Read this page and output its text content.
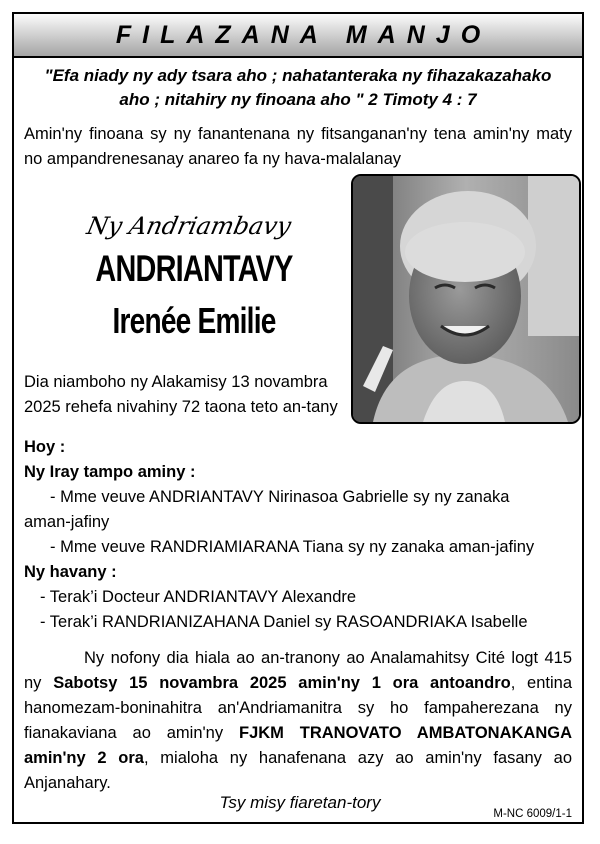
FILAZANA MANJO
"Efa niady ny ady tsara aho ; nahatanteraka ny fihazakazahako
aho ; nitahiry ny finoana aho " 2 Timoty 4 : 7
Amin'ny finoana sy ny fanantenana ny fitsanganan'ny tena amin'ny maty no ampandrenesanay anareo fa ny hava-malalanay
Ny Andriambavy
ANDRIANTAVY
Irenée Emilie
Dia niamboho ny Alakamisy 13 novambra
2025 rehefa nivahiny 72 taona teto an-tany
Hoy :
Ny Iray tampo aminy :
- Mme veuve ANDRIANTAVY Nirinasoa Gabrielle sy ny zanaka
aman-jafiny
- Mme veuve RANDRIAMIARANA Tiana sy ny zanaka aman-jafiny
Ny havany :
- Terak’i Docteur ANDRIANTAVY Alexandre
- Terak’i RANDRIANIZAHANA Daniel sy RASOANDRIAKA Isabelle
Ny nofony dia hiala ao an-tranony ao Analamahitsy Cité logt 415 ny Sabotsy 15 novambra 2025 amin'ny 1 ora antoandro, entina hanomezam-boninahitra an'Andriamanitra sy ho fampaherezana ny fianakaviana ao amin'ny FJKM TRANOVATO AMBATONAKANGA amin'ny 2 ora, mialoha ny hanafenana azy ao amin'ny fasany ao Anjanahary.
Tsy misy fiaretan-tory
M-NC 6009/1-1
